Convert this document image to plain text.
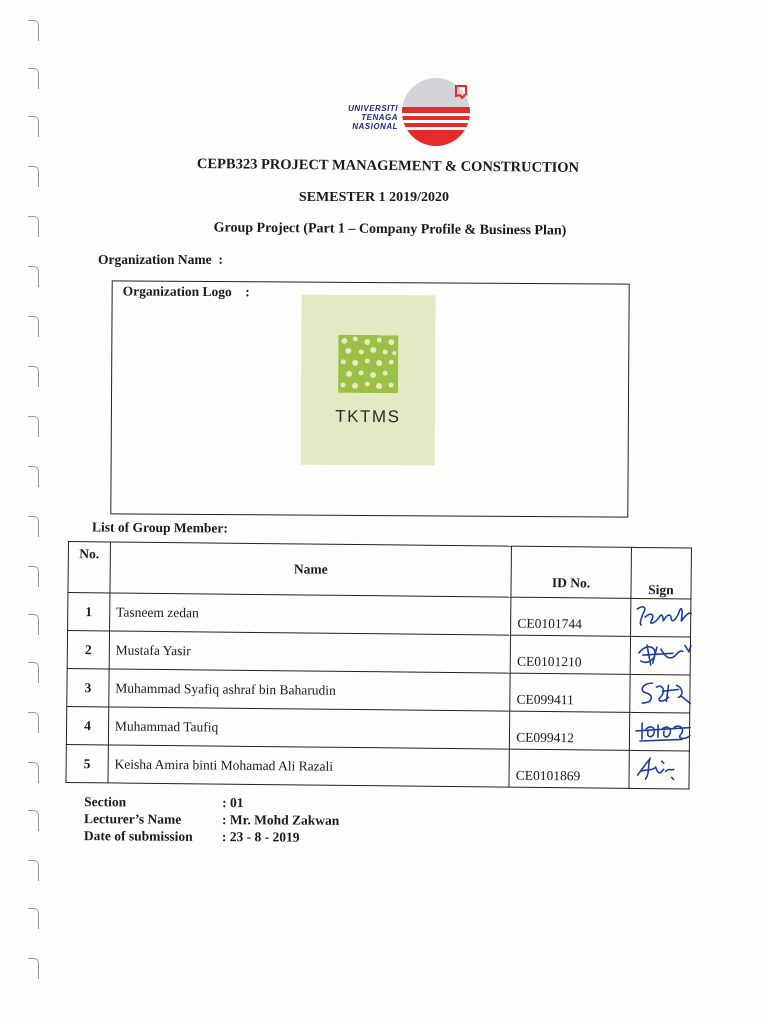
UNIVERSITI
TENAGA
NASIONAL
CEPB323 PROJECT MANAGEMENT & CONSTRUCTION
SEMESTER 1 2019/2020
Group Project (Part 1 – Company Profile & Business Plan)
Organization Name :
Organization Logo :
TKTMS
List of Group Member:
No.	Name	ID No.	Sign
1	Tasneem zedan	CE0101744	

2	Mustafa Yasir	CE0101210	

3	Muhammad Syafiq ashraf bin Baharudin	CE099411	

4	Muhammad Taufiq	CE099412	

5	Keisha Amira binti Mohamad Ali Razali	CE0101869	
Section	: 01
Lecturer’s Name	: Mr. Mohd Zakwan
Date of submission	: 23 - 8 - 2019
